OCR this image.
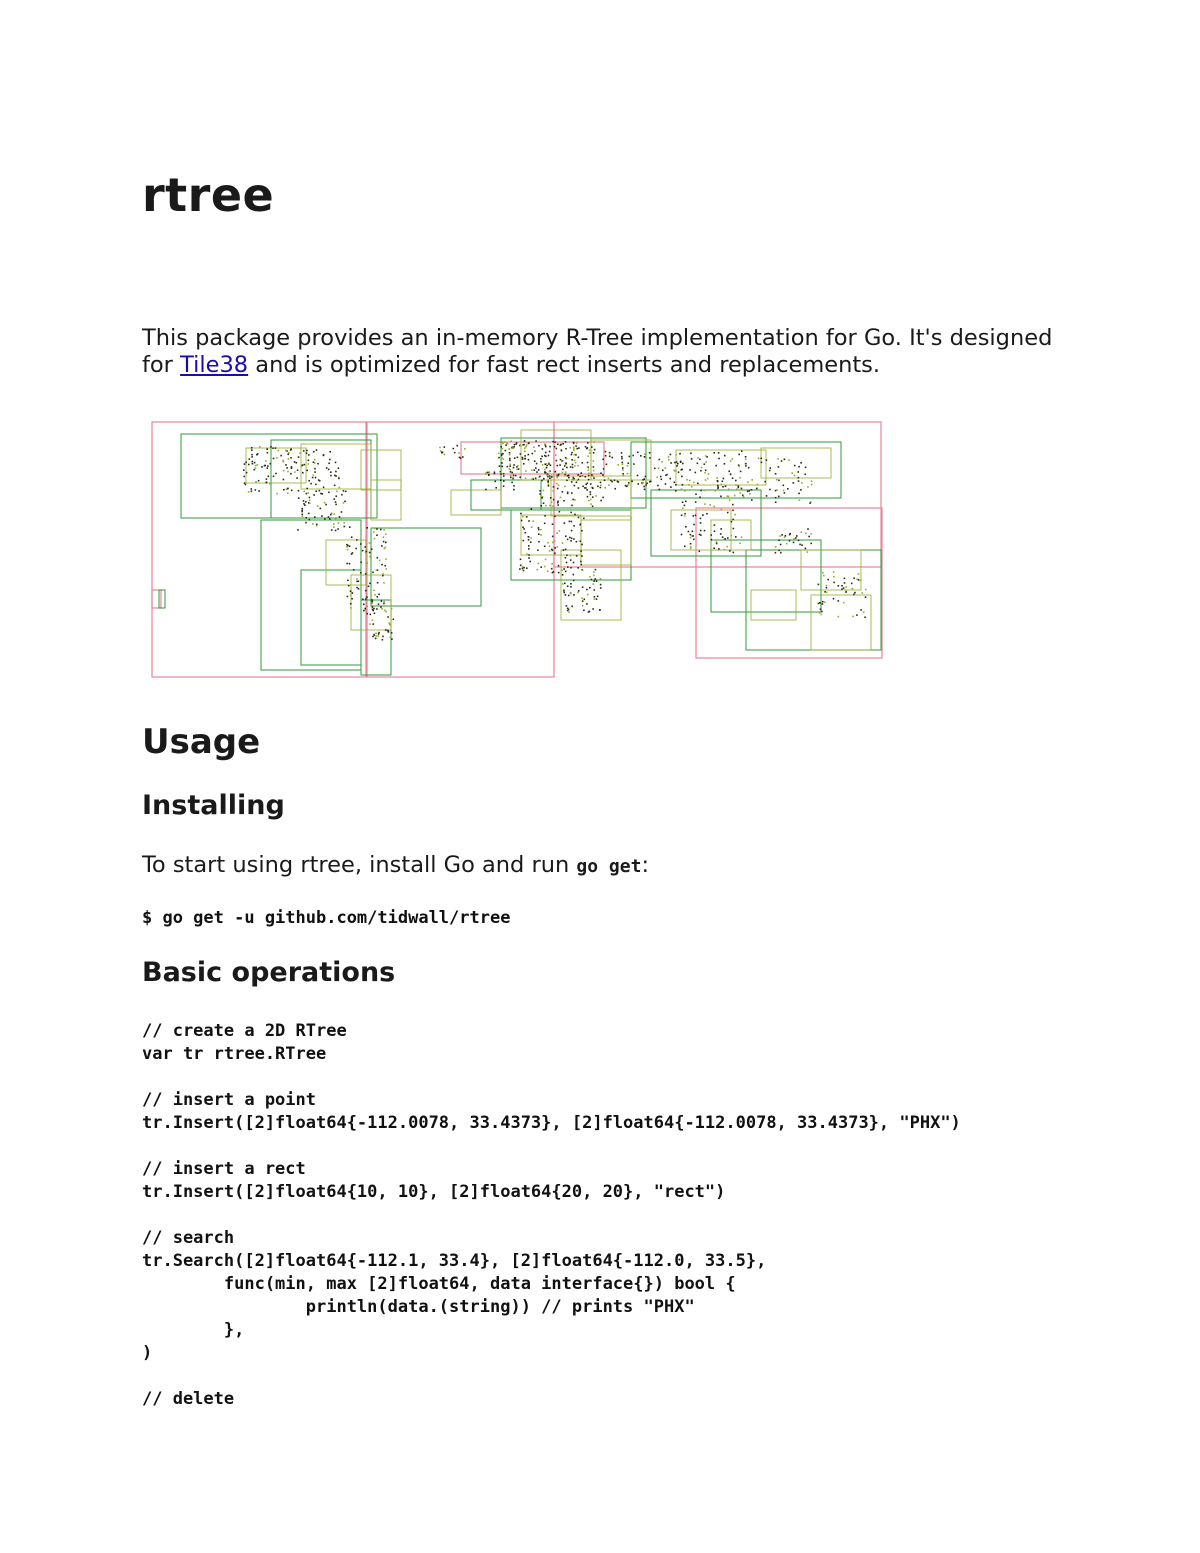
rtree

This package provides an in-memory R-Tree implementation for Go. It's designed for Tile38 and is optimized for fast rect inserts and replacements.

Usage
Installing

To start using rtree, install Go and run go get:

$ go get -u github.com/tidwall/rtree
Basic operations
// create a 2D RTree
var tr rtree.RTree

// insert a point
tr.Insert([2]float64{-112.0078, 33.4373}, [2]float64{-112.0078, 33.4373}, "PHX")

// insert a rect
tr.Insert([2]float64{10, 10}, [2]float64{20, 20}, "rect")

// search
tr.Search([2]float64{-112.1, 33.4}, [2]float64{-112.0, 33.5},
func(min, max [2]float64, data interface{}) bool {
println(data.(string)) // prints "PHX"
},
)

// delete
